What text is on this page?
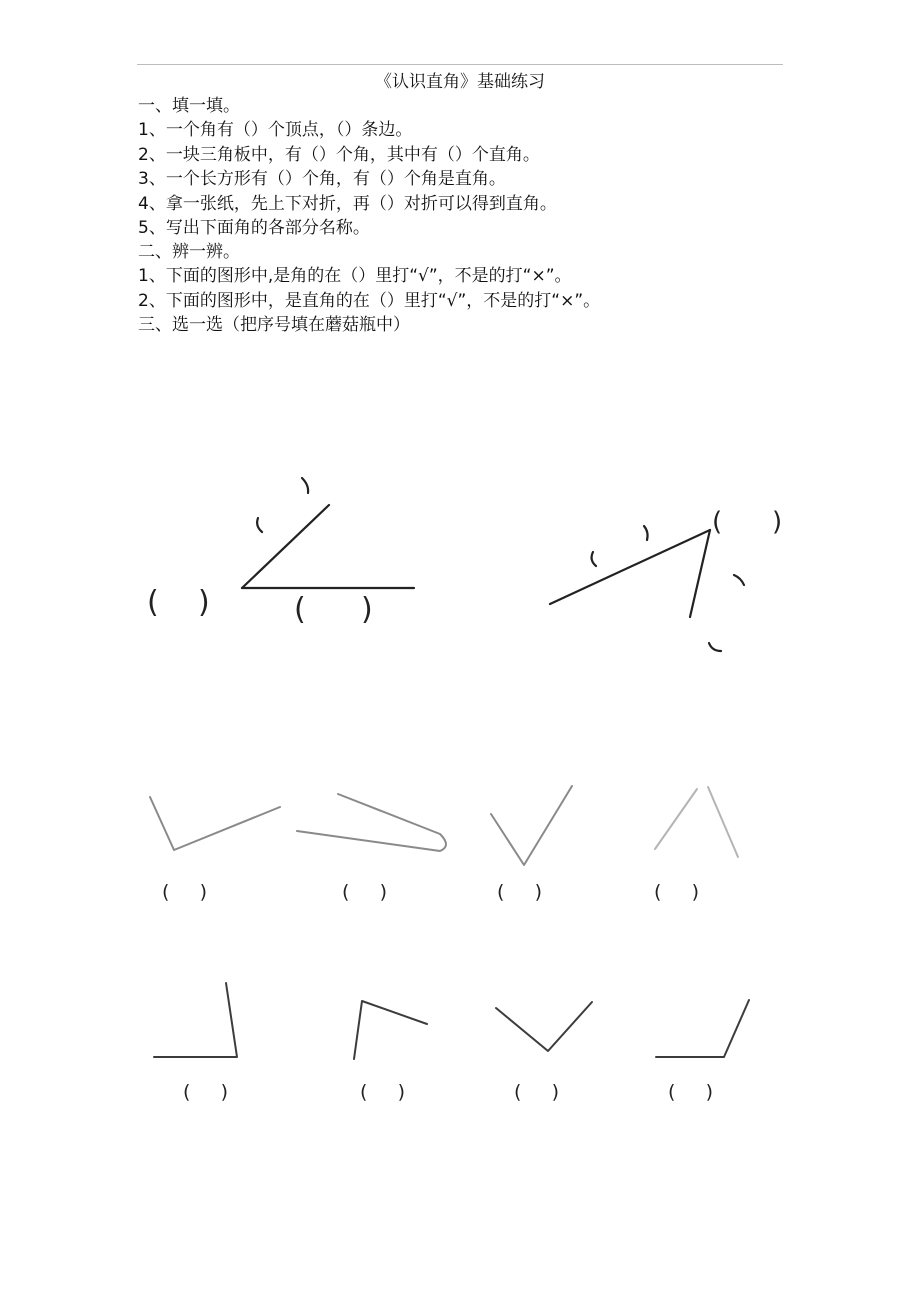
《认识直角》基础练习
一、填一填。
1、一个角有（）个顶点，（）条边。
2、一块三角板中，有（）个角，其中有（）个直角。
3、一个长方形有（）个角，有（）个角是直角。
4、拿一张纸，先上下对折，再（）对折可以得到直角。
5、写出下面角的各部分名称。
二、辨一辨。
1、下面的图形中,是角的在（）里打“√”，不是的打“×”。
2、下面的图形中，是直角的在（）里打“√”，不是的打“×”。
三、选一选（把序号填在蘑菇瓶中）
( )	( )
( )
(     )	(     )	(     )	(     )
(     )	(     )	(     )	(     )
